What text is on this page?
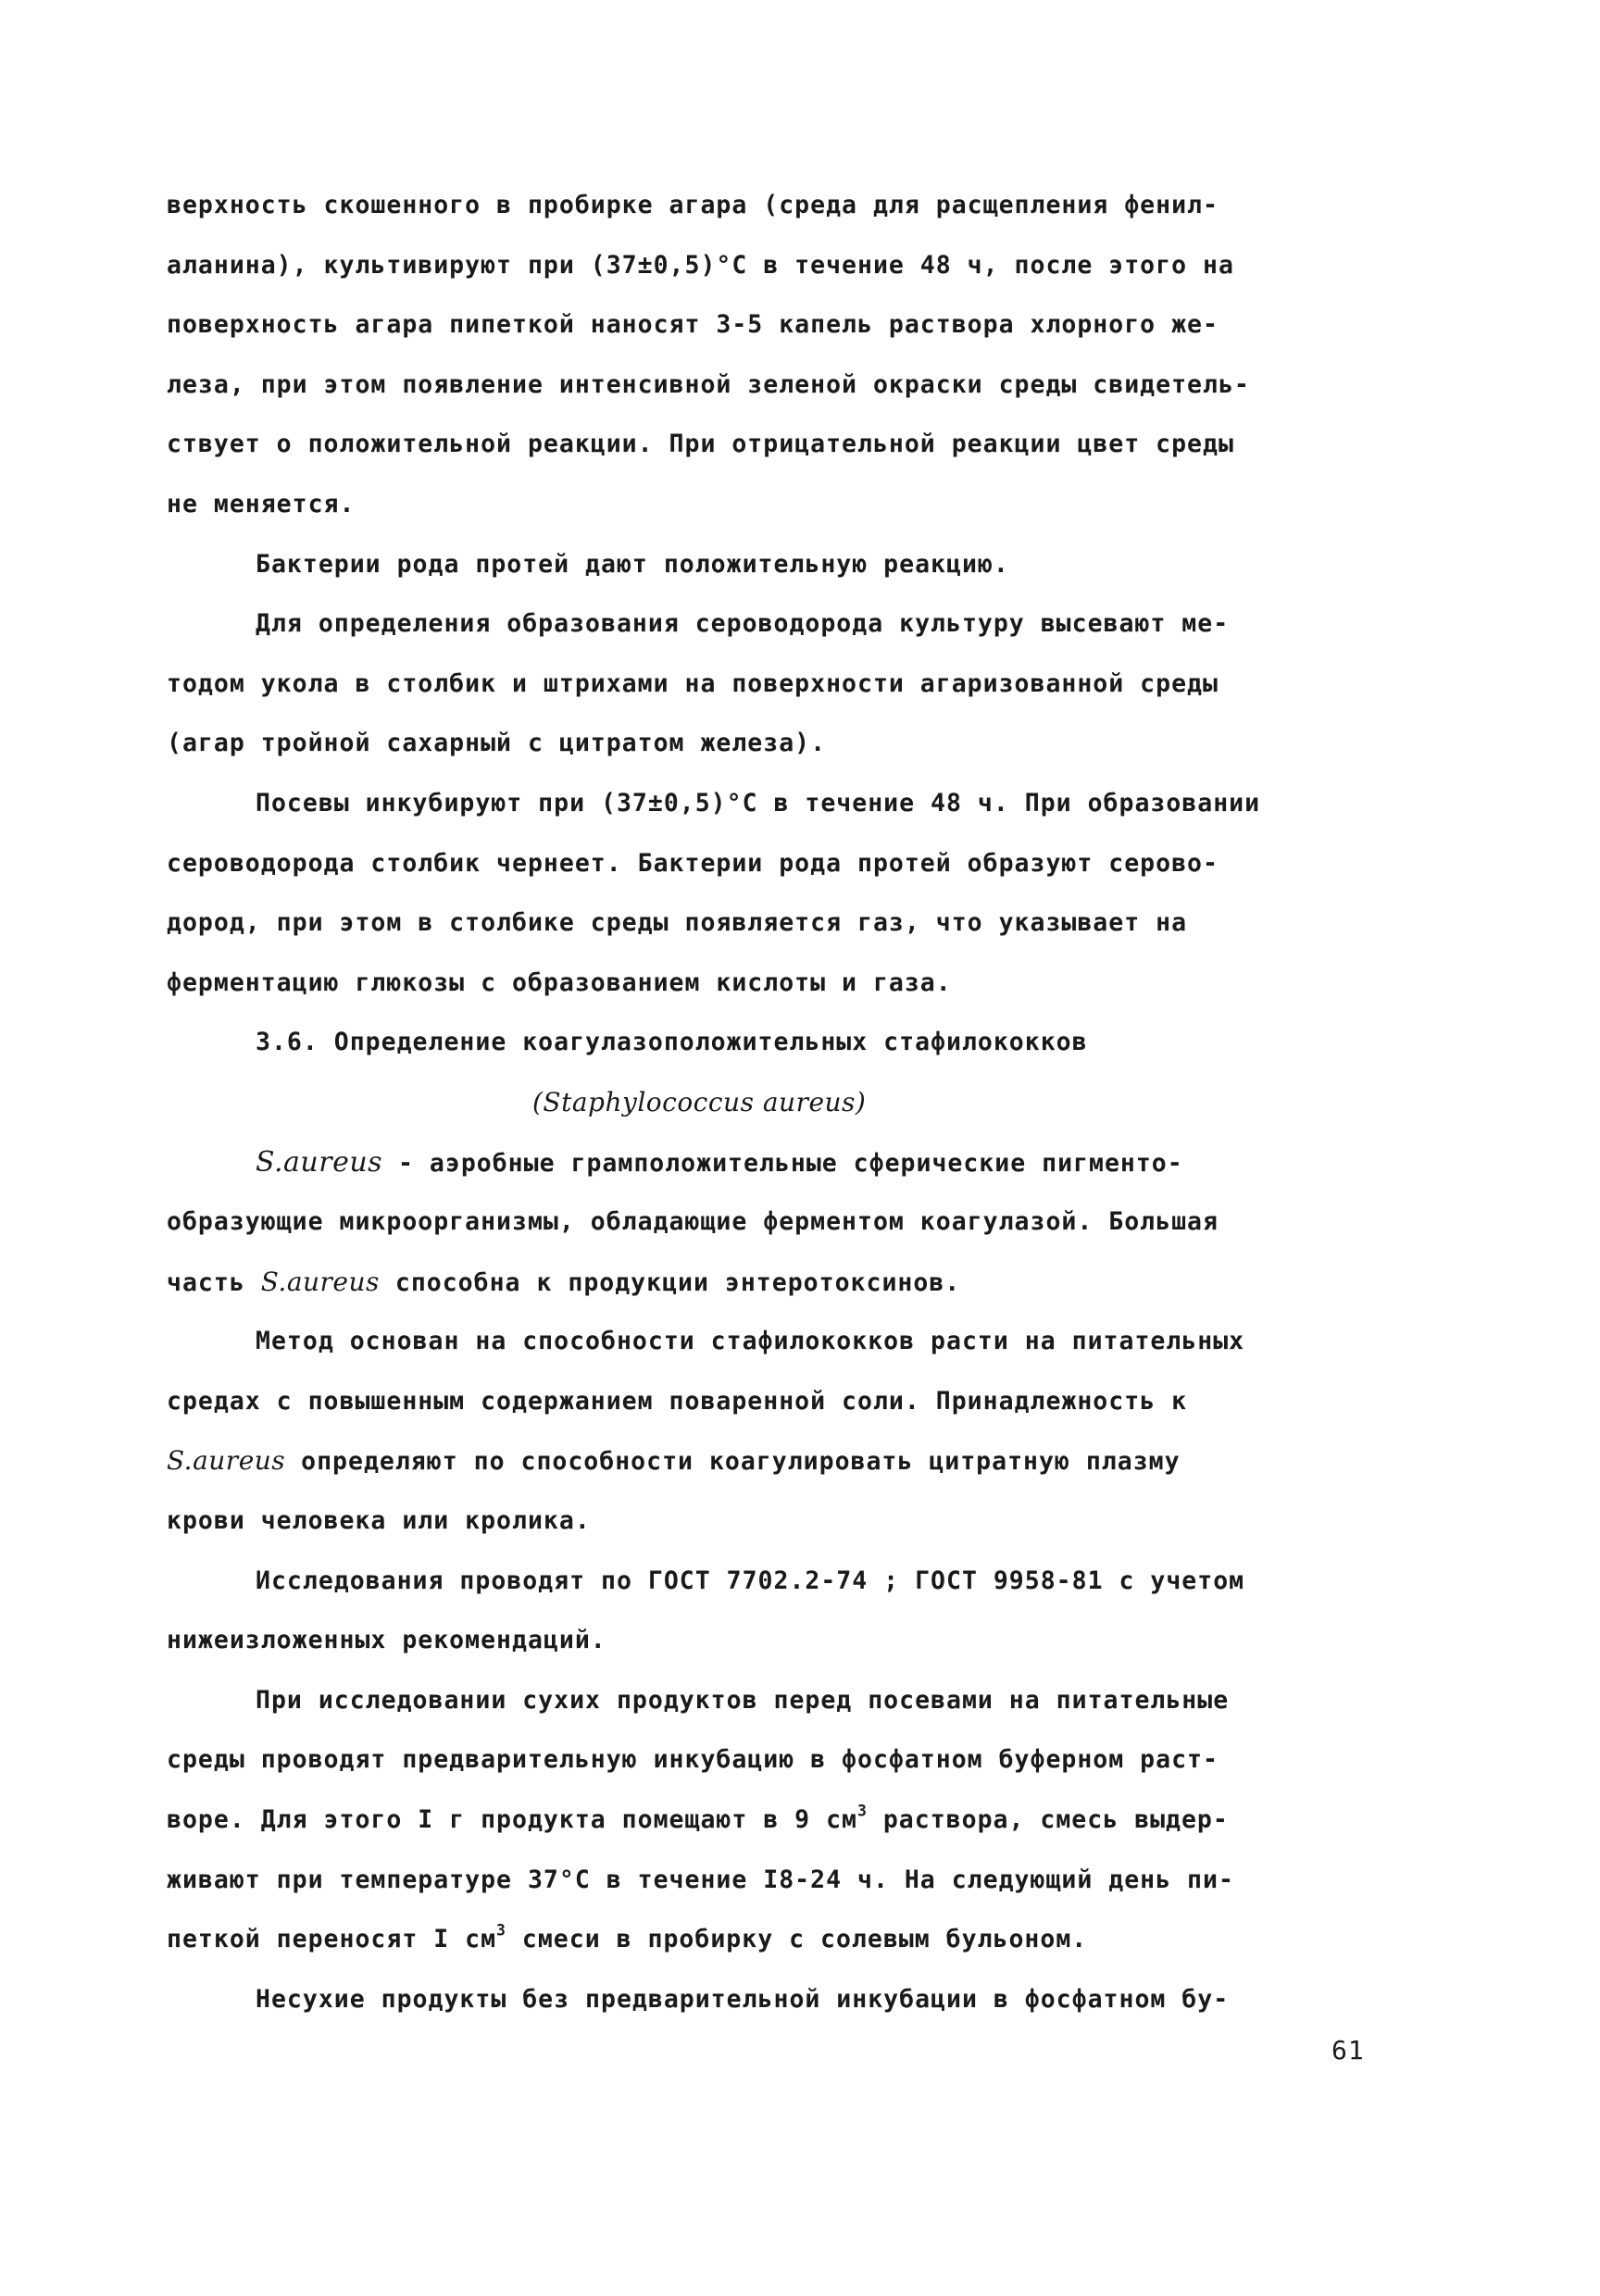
верхность скошенного в пробирке агара (среда для расщепления фенил-
аланина), культивируют при (37±0,5)°С в течение 48 ч, после этого на
поверхность агара пипеткой наносят 3-5 капель раствора хлорного же-
леза, при этом появление интенсивной зеленой окраски среды свидетель-
ствует о положительной реакции. При отрицательной реакции цвет среды
не меняется.
Бактерии рода протей дают положительную реакцию.
Для определения образования сероводорода культуру высевают ме-
тодом укола в столбик и штрихами на поверхности агаризованной среды
(агар тройной сахарный с цитратом железа).
Посевы инкубируют при (37±0,5)°С в течение 48 ч. При образовании
сероводорода столбик чернеет. Бактерии рода протей образуют серово-
дород, при этом в столбике среды появляется газ, что указывает на
ферментацию глюкозы с образованием кислоты и газа.
3.6. Определение коагулазоположительных стафилококков
(Staphylococcus aureus)
S.aureus - аэробные грамположительные сферические пигменто-
образующие микроорганизмы, обладающие ферментом коагулазой. Большая
часть S.aureus способна к продукции энтеротоксинов.
Метод основан на способности стафилококков расти на питательных
средах с повышенным содержанием поваренной соли. Принадлежность к
S.aureus определяют по способности коагулировать цитратную плазму
крови человека или кролика.
Исследования проводят по ГОСТ 7702.2-74 ; ГОСТ 9958-81 с учетом
нижеизложенных рекомендаций.
При исследовании сухих продуктов перед посевами на питательные
среды проводят предварительную инкубацию в фосфатном буферном раст-
воре. Для этого I г продукта помещают в 9 $см^3$ раствора, смесь выдер-
живают при температуре 37°С в течение I8-24 ч. На следующий день пи-
петкой переносят I $см^3$ смеси в пробирку с солевым бульоном.
Несухие продукты без предварительной инкубации в фосфатном бу-
61
